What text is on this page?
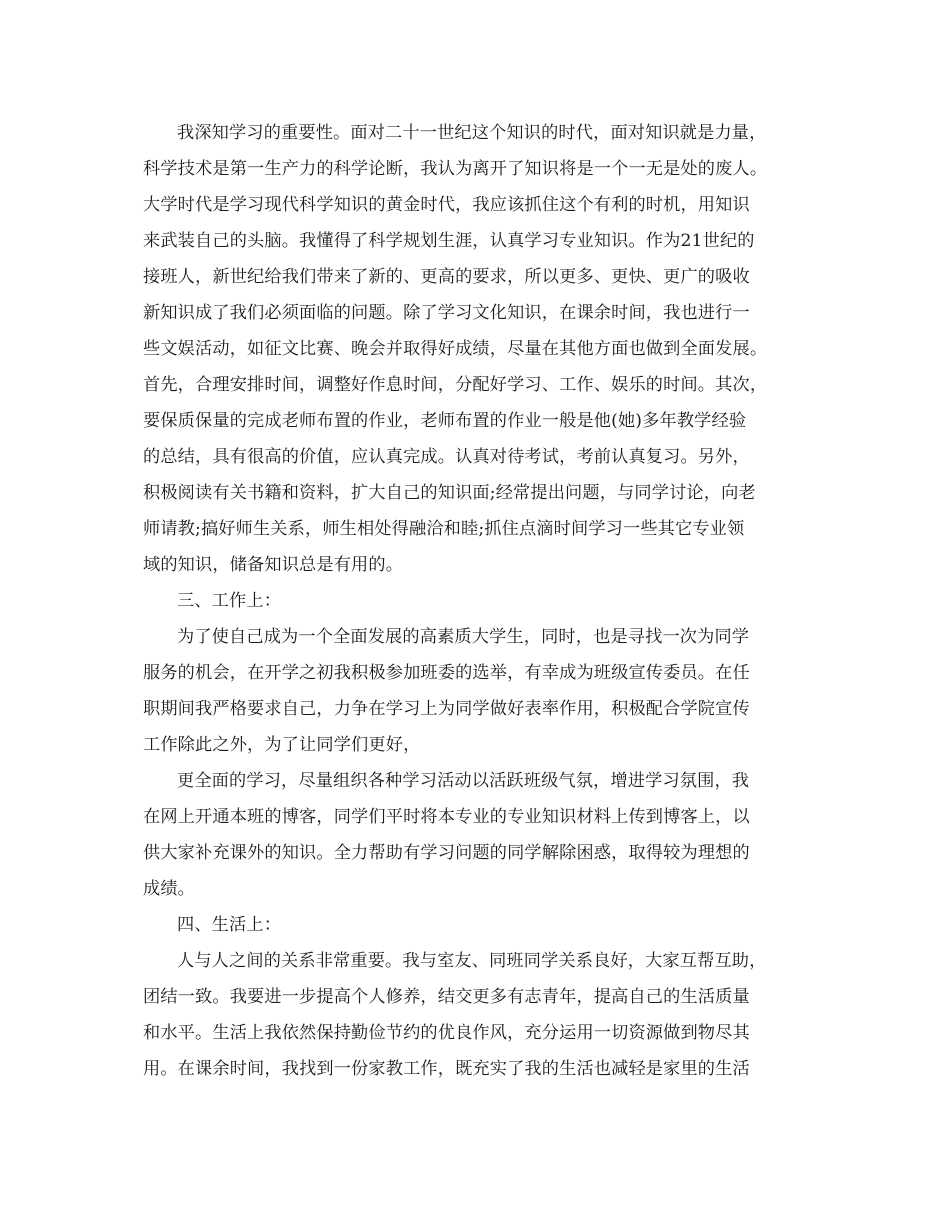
我深知学习的重要性。面对二十一世纪这个知识的时代，面对知识就是力量，
科学技术是第一生产力的科学论断，我认为离开了知识将是一个一无是处的废人。
大学时代是学习现代科学知识的黄金时代，我应该抓住这个有利的时机，用知识
来武装自己的头脑。我懂得了科学规划生涯，认真学习专业知识。作为21世纪的
接班人，新世纪给我们带来了新的、更高的要求，所以更多、更快、更广的吸收
新知识成了我们必须面临的问题。除了学习文化知识，在课余时间，我也进行一
些文娱活动，如征文比赛、晚会并取得好成绩，尽量在其他方面也做到全面发展。
首先，合理安排时间，调整好作息时间，分配好学习、工作、娱乐的时间。其次，
要保质保量的完成老师布置的作业，老师布置的作业一般是他(她)多年教学经验
的总结，具有很高的价值，应认真完成。认真对待考试，考前认真复习。另外，
积极阅读有关书籍和资料，扩大自己的知识面;经常提出问题，与同学讨论，向老
师请教;搞好师生关系，师生相处得融洽和睦;抓住点滴时间学习一些其它专业领
域的知识，储备知识总是有用的。
三、工作上：
为了使自己成为一个全面发展的高素质大学生，同时，也是寻找一次为同学
服务的机会，在开学之初我积极参加班委的选举，有幸成为班级宣传委员。在任
职期间我严格要求自己，力争在学习上为同学做好表率作用，积极配合学院宣传
工作除此之外，为了让同学们更好，
更全面的学习，尽量组织各种学习活动以活跃班级气氛，增进学习氛围，我
在网上开通本班的博客，同学们平时将本专业的专业知识材料上传到博客上，以
供大家补充课外的知识。全力帮助有学习问题的同学解除困惑，取得较为理想的
成绩。
四、生活上：
人与人之间的关系非常重要。我与室友、同班同学关系良好，大家互帮互助，
团结一致。我要进一步提高个人修养，结交更多有志青年，提高自己的生活质量
和水平。生活上我依然保持勤俭节约的优良作风，充分运用一切资源做到物尽其
用。在课余时间，我找到一份家教工作，既充实了我的生活也减轻是家里的生活
